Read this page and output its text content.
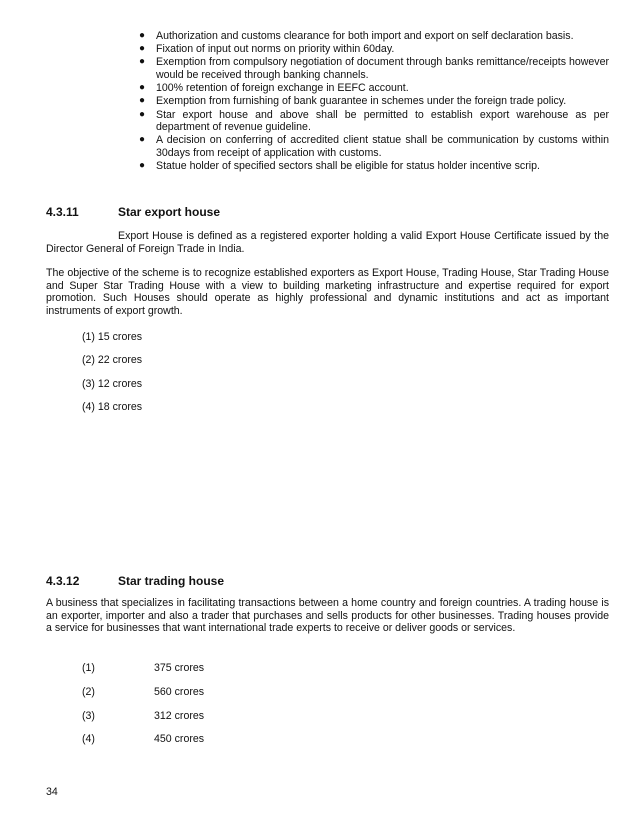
● Authorization and customs clearance for both import and export on self declaration basis.
● Fixation of input out norms on priority within 60day.
● Exemption from compulsory negotiation of document through banks remittance/receipts however would be received through banking channels.
● 100% retention of foreign exchange in EEFC account.
● Exemption from furnishing of bank guarantee in schemes under the foreign trade policy.
● Star export house and above shall be permitted to establish export warehouse as per department of revenue guideline.
● A decision on conferring of accredited client statue shall be communication by customs within 30days from receipt of application with customs.
● Statue holder of specified sectors shall be eligible for status holder incentive scrip.
4.3.11	Star export house

Export House is defined as a registered exporter holding a valid Export House Certificate issued by the Director General of Foreign Trade in India.

The objective of the scheme is to recognize established exporters as Export House, Trading House, Star Trading House and Super Star Trading House with a view to building marketing infrastructure and expertise required for export promotion. Such Houses should operate as highly professional and dynamic institutions and act as important instruments of export growth.

(1) 15 crores
(2) 22 crores
(3) 12 crores
(4) 18 crores
4.3.12	Star trading house

A business that specializes in facilitating transactions between a home country and foreign countries. A trading house is an exporter, importer and also a trader that purchases and sells products for other businesses. Trading houses provide a service for businesses that want international trade experts to receive or deliver goods or services.

(1)	375 crores
(2)	560 crores
(3)	312 crores
(4)	450 crores
34
